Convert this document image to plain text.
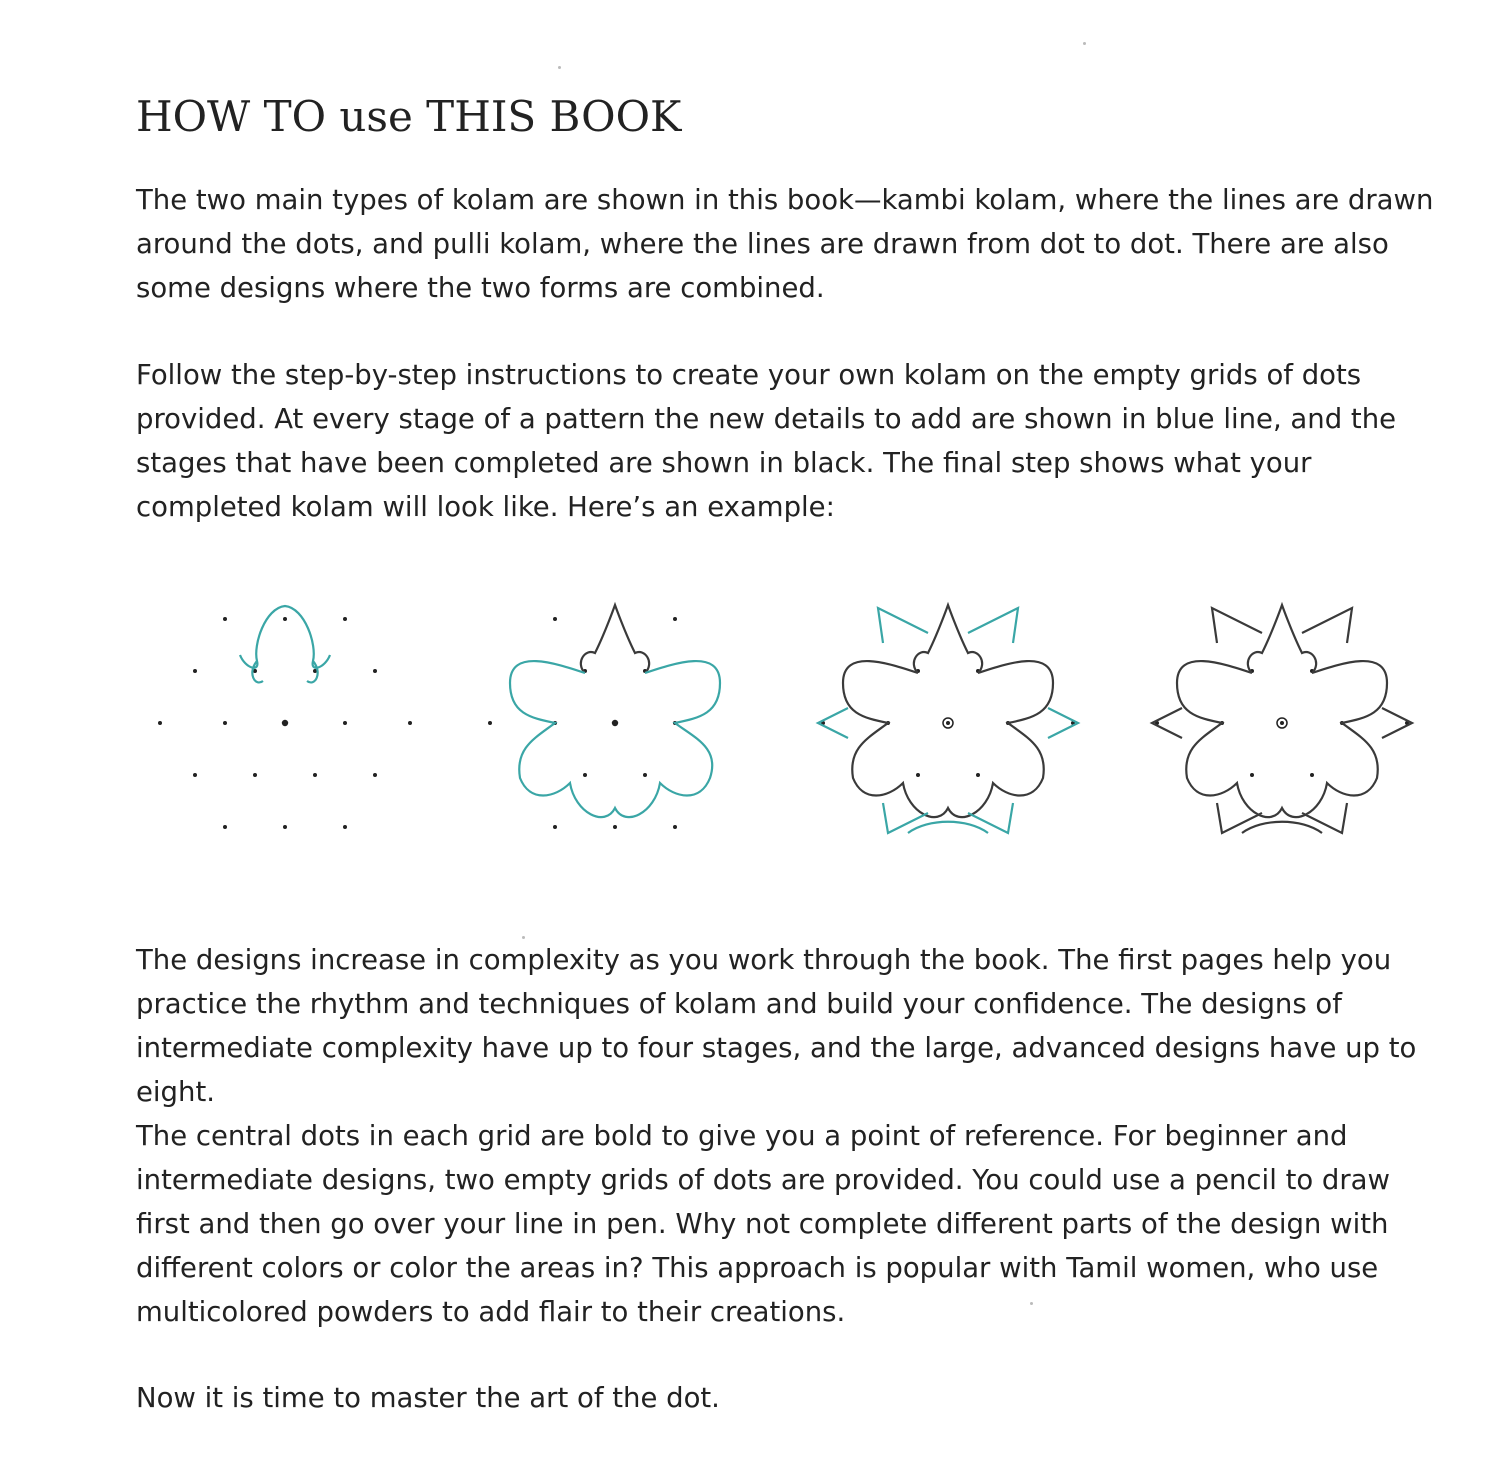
HOW TO use THIS BOOK

The two main types of kolam are shown in this book—kambi kolam, where the lines are drawn around the dots, and pulli kolam, where the lines are drawn from dot to dot. There are also some designs where the two forms are combined.

Follow the step-by-step instructions to create your own kolam on the empty grids of dots provided. At every stage of a pattern the new details to add are shown in blue line, and the stages that have been completed are shown in black. The final step shows what your completed kolam will look like. Here’s an example:

The designs increase in complexity as you work through the book. The first pages help you practice the rhythm and techniques of kolam and build your confidence. The designs of intermediate complexity have up to four stages, and the large, advanced designs have up to eight.

The central dots in each grid are bold to give you a point of reference. For beginner and intermediate designs, two empty grids of dots are provided. You could use a pencil to draw first and then go over your line in pen. Why not complete different parts of the design with different colors or color the areas in? This approach is popular with Tamil women, who use multicolored powders to add flair to their creations.

Now it is time to master the art of the dot.
